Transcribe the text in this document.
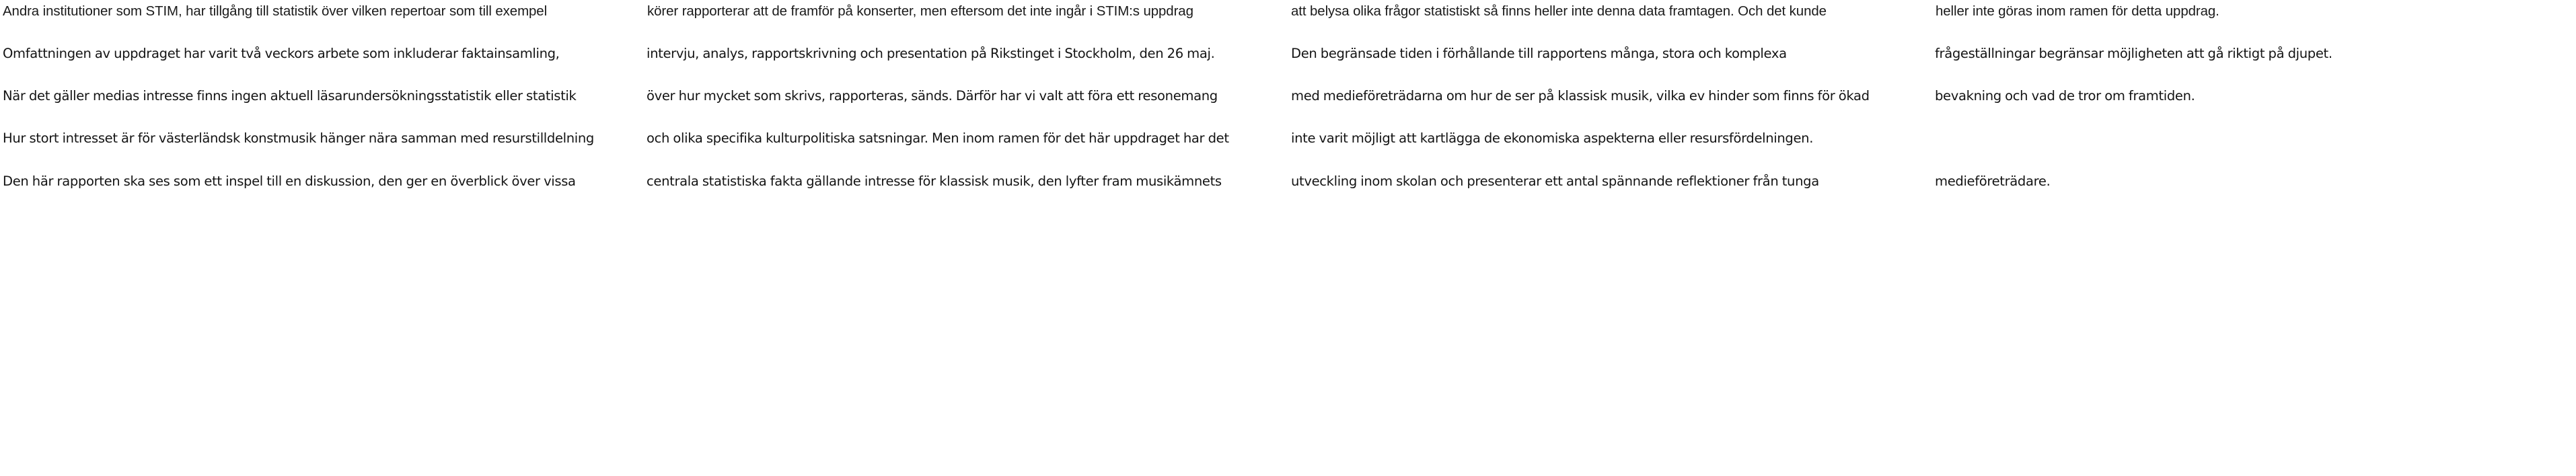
Andra institutioner som STIM, har tillgång till statistik över vilken repertoar som till exempel	körer rapporterar att de framför på konserter, men eftersom det inte ingår i STIM:s uppdrag	att belysa olika frågor statistiskt så finns heller inte denna data framtagen. Och det kunde	heller inte göras inom ramen för detta uppdrag.

Omfattningen av uppdraget har varit två veckors arbete som inkluderar faktainsamling,	intervju, analys, rapportskrivning och presentation på Rikstinget i Stockholm, den 26 maj.	Den begränsade tiden i förhållande till rapportens många, stora och komplexa	frågeställningar begränsar möjligheten att gå riktigt på djupet.

När det gäller medias intresse finns ingen aktuell läsarundersökningsstatistik eller statistik	över hur mycket som skrivs, rapporteras, sänds. Därför har vi valt att föra ett resonemang	med medieföreträdarna om hur de ser på klassisk musik, vilka ev hinder som finns för ökad	bevakning och vad de tror om framtiden.

Hur stort intresset är för västerländsk konstmusik hänger nära samman med resurstilldelning	och olika specifika kulturpolitiska satsningar. Men inom ramen för det här uppdraget har det	inte varit möjligt att kartlägga de ekonomiska aspekterna eller resursfördelningen.

Den här rapporten ska ses som ett inspel till en diskussion, den ger en överblick över vissa	centrala statistiska fakta gällande intresse för klassisk musik, den lyfter fram musikämnets	utveckling inom skolan och presenterar ett antal spännande reflektioner från tunga	medieföreträdare.
